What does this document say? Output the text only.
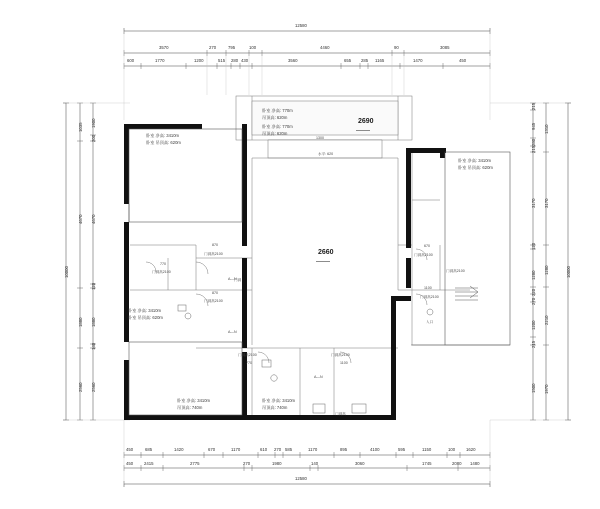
12580
3570	270	795	100	4460	90	3085
600	1770	1200	515 280 430	3560	655 285 1165	1470	450
450	685	1420	670	1170	610 270 585	1170	895	4100	595	1150	100	1620
450	2415	2775	270	1980	140	3060	1745	2080 1480
12580
1035
4670
1880
2560
1900
200
4670
120
1880
140
2560
10000
215
945
280
215
3170
120
1280
220
270
1200
215
1500
1310
3170
1280
2210
1970
10000
2690
2660
卧室 净高: 3410m
卧室 吊顶高: 620m
卧室 净高: 770m
吊顶高: 620m
卧室 净高: 770m
吊顶高: 620m
卧室 净高: 3410m
卧室 吊顶高: 620m
卧室 净高: 3410m
卧室 吊顶高: 620m
卧室 净高: 3410m
吊顶高: 740m
卧室 净高: 3410m
吊顶高: 740m
1300
水平: 620
门洞
870
门洞高2100
870
门洞高2100
770
门洞高2100
670
门洞高2100
门洞高2100
1100
门洞高2100
入口
770
门洞高2100	门洞高2100
1100
A—N
A—N
A—N
门洞高
